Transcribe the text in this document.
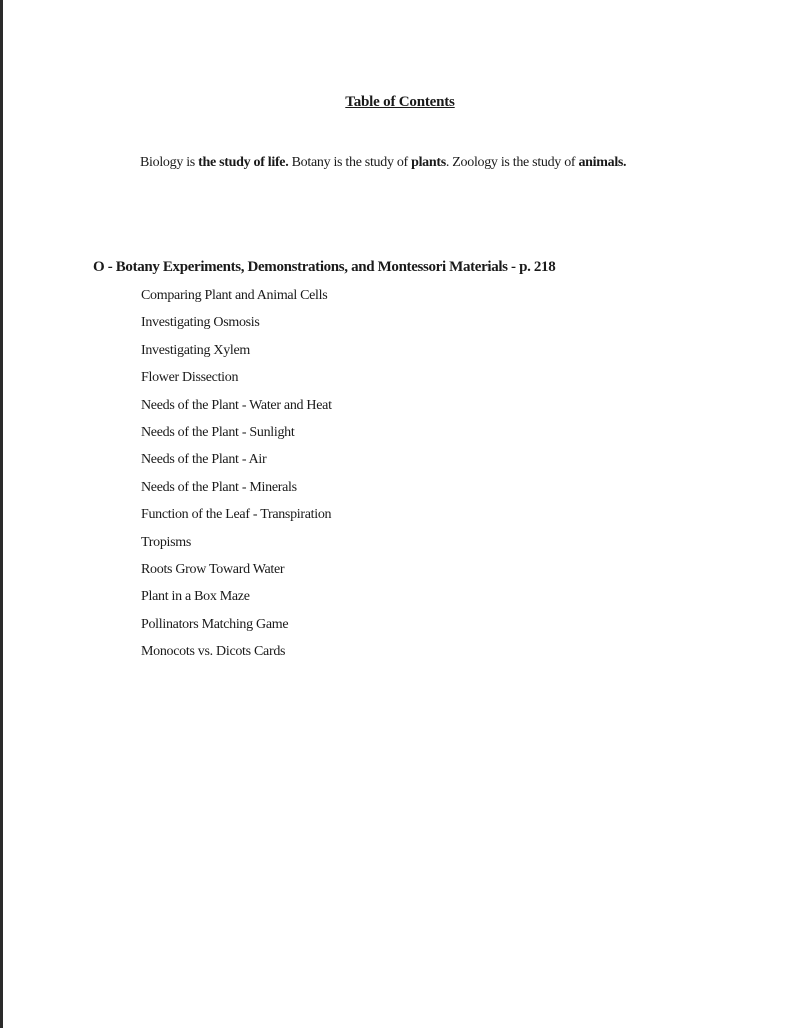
Table of Contents

Biology is the study of life. Botany is the study of plants. Zoology is the study of animals.

O - Botany Experiments, Demonstrations, and Montessori Materials - p. 218
Comparing Plant and Animal Cells
Investigating Osmosis
Investigating Xylem
Flower Dissection
Needs of the Plant - Water and Heat
Needs of the Plant - Sunlight
Needs of the Plant - Air
Needs of the Plant - Minerals
Function of the Leaf - Transpiration
Tropisms
Roots Grow Toward Water
Plant in a Box Maze
Pollinators Matching Game
Monocots vs. Dicots Cards
